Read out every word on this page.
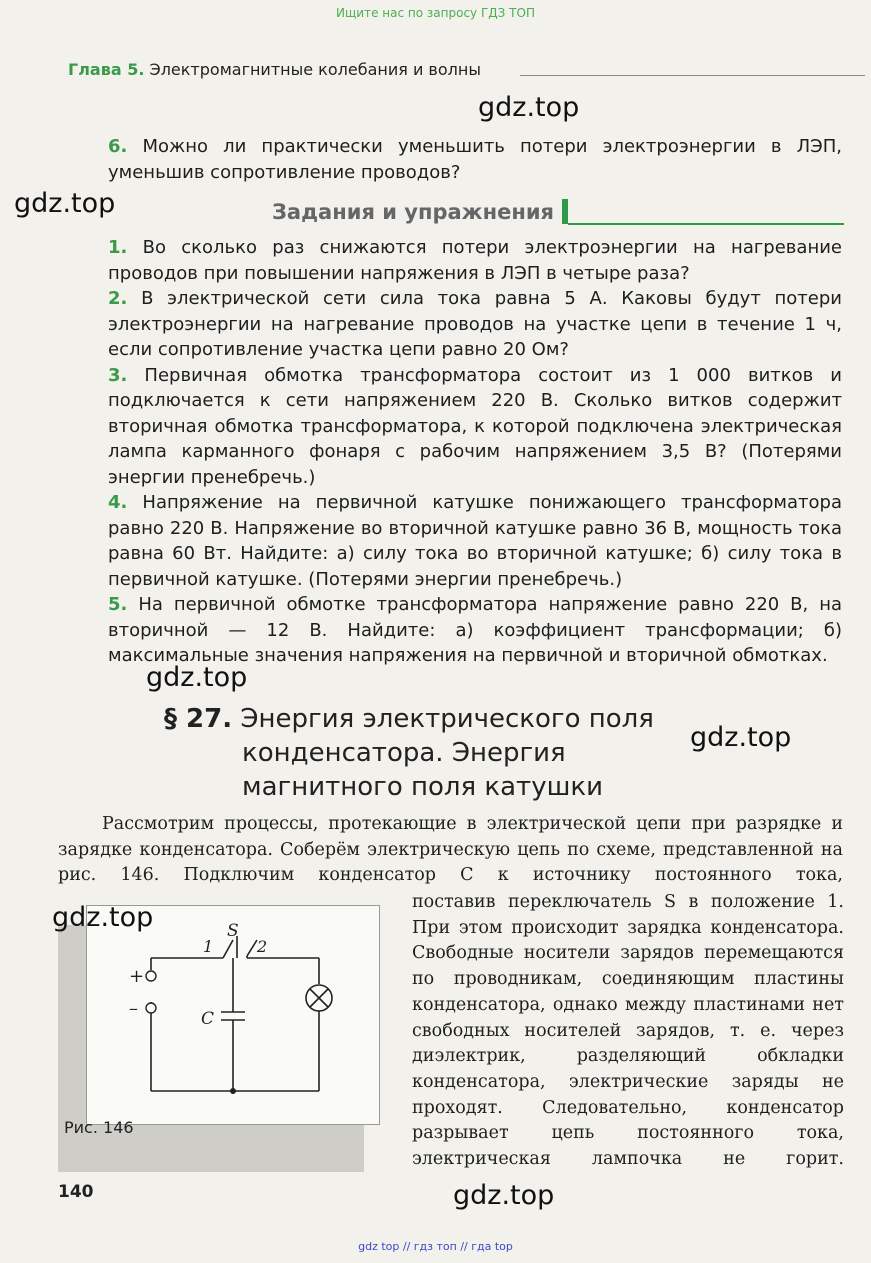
Ищите нас по запросу ГДЗ ТОП
Глава 5. Электромагнитные колебания и волны
gdz.top
6. Можно ли практически уменьшить потери электроэнергии в ЛЭП, уменьшив сопротивление проводов?
gdz.top	Задания и упражнения

1. Во сколько раз снижаются потери электроэнергии на нагревание проводов при повышении напряжения в ЛЭП в четыре раза?

2. В электрической сети сила тока равна 5 А. Каковы будут потери электроэнергии на нагревание проводов на участке цепи в течение 1 ч, если сопротивление участка цепи равно 20 Ом?

3. Первичная обмотка трансформатора состоит из 1 000 витков и подключается к сети напряжением 220 В. Сколько витков содержит вторичная обмотка трансформатора, к которой подключена электрическая лампа карманного фонаря с рабочим напряжением 3,5 В? (Потерями энергии пренебречь.)

4. Напряжение на первичной катушке понижающего трансформатора равно 220 В. Напряжение во вторичной катушке равно 36 В, мощность тока равна 60 Вт. Найдите: а) силу тока во вторичной катушке; б) силу тока в первичной катушке. (Потерями энергии пренебречь.)

5. На первичной обмотке трансформатора напряжение равно 220 В, на вторичной — 12 В. Найдите: а) коэффициент трансформации; б) максимальные значения напряжения на первичной и вторичной обмотках.

gdz.top
§ 27. Энергия электрического поля
конденсатора. Энергия
магнитного поля катушки
gdz.top

Рассмотрим процессы, протекающие в электрической цепи при разрядке и зарядке конденсатора. Соберём электрическую цепь по схеме, представленной на рис. 146. Подключим конденсатор C к источнику постоянного тока,

S
1	2
C
+
–
gdz.top
Рис. 146

поставив переключатель S в положение 1. При этом происходит зарядка конденсатора. Свободные носители зарядов перемещаются по проводникам, соединяющим пластины конденсатора, однако между пластинами нет свободных носителей зарядов, т. е. через диэлектрик, разделяющий обкладки конденсатора, электрические заряды не проходят. Следовательно, конденсатор разрывает цепь постоянного тока, электрическая лампочка не горит.

140	gdz.top
gdz top // гдз топ // гда top
